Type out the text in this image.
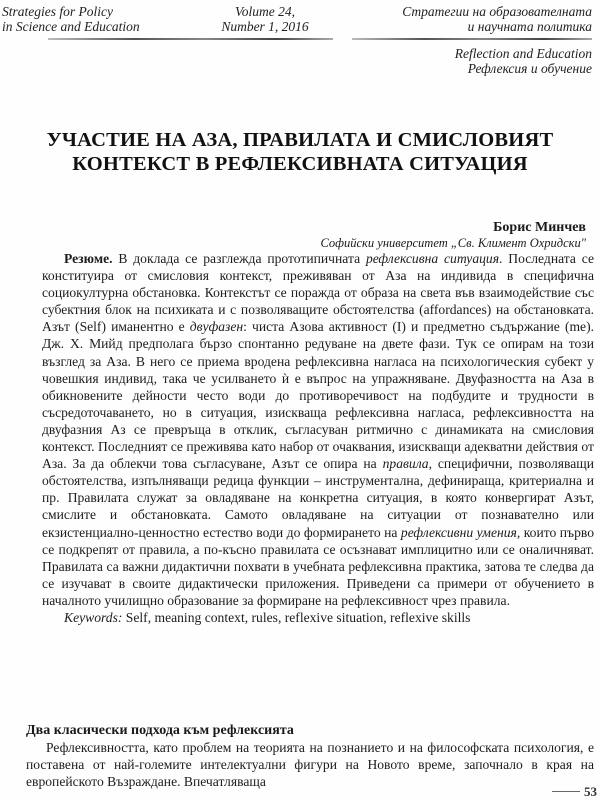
Strategies for Policy
in Science and Education
Volume 24,
Number 1, 2016
Стратегии на образователната
и научната политика
Reflection and Education
Рефлексия и обучение
УЧАСТИЕ НА АЗА, ПРАВИЛАТА И СМИСЛОВИЯТ
КОНТЕКСТ В РЕФЛЕКСИВНАТА СИТУАЦИЯ
Борис Минчев
Софийски университет „Св. Климент Охридски"

Резюме. В доклада се разглежда прототипичната рефлексивна ситуация. Последната се конституира от смисловия контекст, преживяван от Аза на индивида в специфична социокултурна обстановка. Контекстът се поражда от образа на света във взаимодействие със субектния блок на психиката и с позволяващите обстоятелства (affordances) на обстановката. Азът (Self) иманентно е двуфазен: чиста Азова активност (I) и предметно съдържание (me). Дж. Х. Мийд предполага бързо спонтанно редуване на двете фази. Тук се опирам на този възглед за Аза. В него се приема вродена рефлексивна нагласа на психологическия субект у човешкия индивид, така че усилването ѝ е въпрос на упражняване. Двуфазността на Аза в обикновените дейности често води до противоречивост на подбудите и трудности в съсредоточаването, но в ситуация, изискваща рефлексивна нагласа, рефлексивността на двуфазния Аз се превръща в отклик, съгласуван ритмично с динамиката на смисловия контекст. Последният се преживява като набор от очаквания, изискващи адекватни действия от Аза. За да облекчи това съгласуване, Азът се опира на правила, специфични, позволяващи обстоятелства, изпълняващи редица функции – инструментална, дефинираща, критериална и пр. Правилата служат за овладяване на конкретна ситуация, в която конвергират Азът, смислите и обстановката. Самото овладяване на ситуации от познавателно или екзистенциално-ценностно естество води до формирането на рефлексивни умения, които първо се подкрепят от правила, а по-късно правилата се осъзнават имплицитно или се оналичняват. Правилата са важни дидактични похвати в учебната рефлексивна практика, затова те следва да се изучават в своите дидактически приложения. Приведени са примери от обучението в началното училищно образование за формиране на рефлексивност чрез правила.

Keywords: Self, meaning context, rules, reflexive situation, reflexive skills

Два класически подхода към рефлексията

Рефлексивността, като проблем на теорията на познанието и на философската психология, е поставена от най-големите интелектуални фигури на Новото време, започнало в края на европейското Възраждане. Впечатляваща

53
